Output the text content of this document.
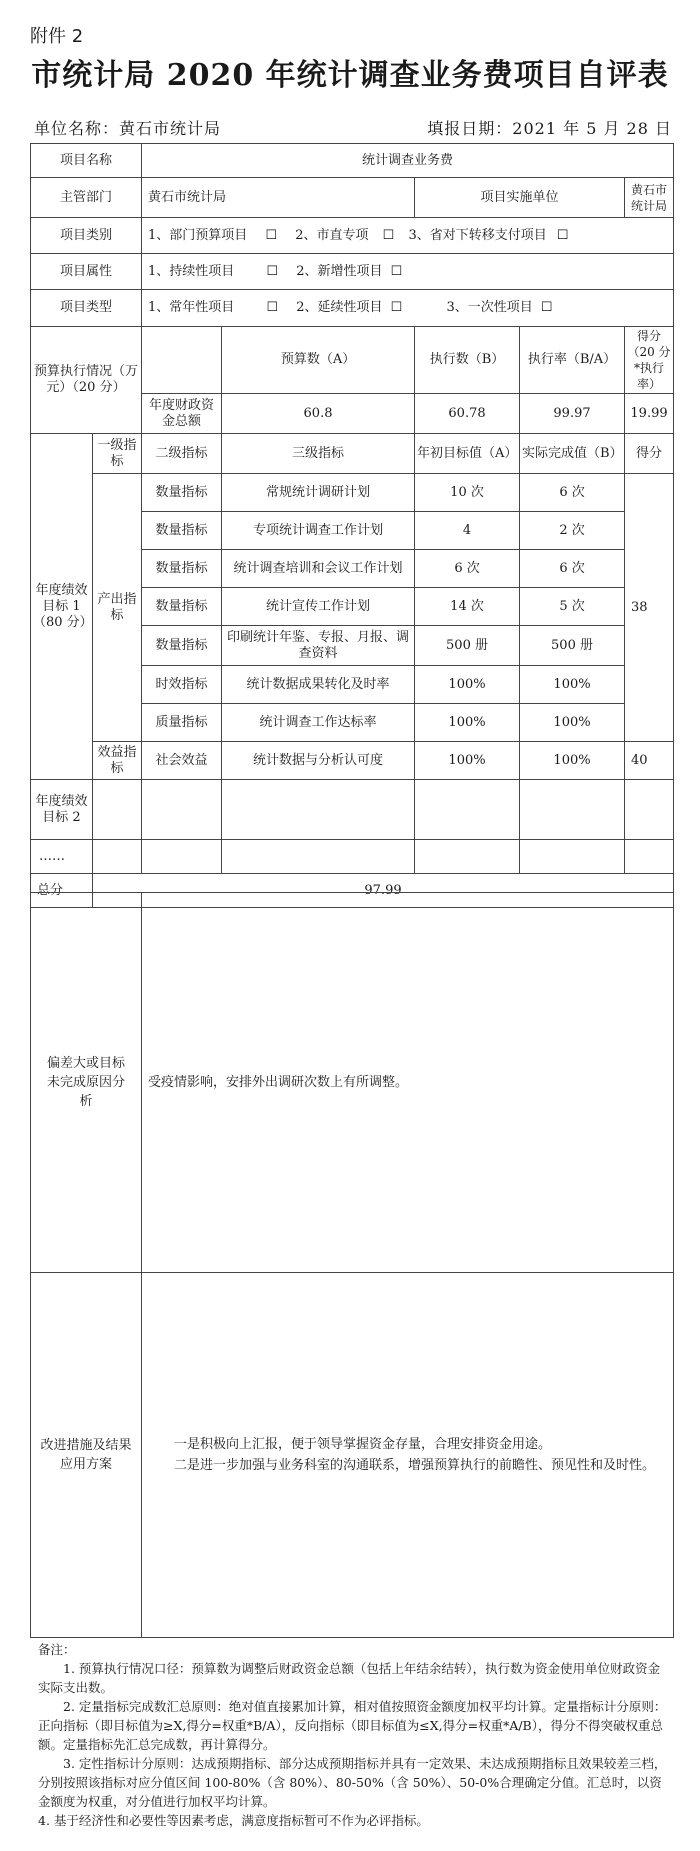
附件 2
市统计局 2020 年统计调查业务费项目自评表
单位名称：黄石市统计局	填报日期：2021 年 5 月 28 日
项目名称		统计调查业务费				
主管部门		黄石市统计局		项目实施单位		黄石市统计局
项目类别		1、部门预算项目 ☐ 2、市直专项 ☐ 3、省对下转移支付项目 ☐				
项目属性		1、持续性项目 ☐ 2、新增性项目 ☐				
项目类型		1、常年性项目 ☐ 2、延续性项目 ☐ 3、一次性项目 ☐				
预算执行情况（万元）（20 分）			预算数（A）	执行数（B）	执行率（B/A）	得分（20 分*执行率）
		年度财政资金总额	60.8	60.78	99.97	19.99
年度绩效目标 1（80 分）	一级指标	二级指标	三级指标	年初目标值（A）	实际完成值（B）	得分
	产出指标	数量指标	常规统计调研计划	10 次	6 次	38
		数量指标	专项统计调查工作计划	4	2 次	
		数量指标	统计调查培训和会议工作计划	6 次	6 次	
		数量指标	统计宣传工作计划	14 次	5 次	
		数量指标	印刷统计年鉴、专报、月报、调查资料	500 册	500 册	
		时效指标	统计数据成果转化及时率	100%	100%	
		质量指标	统计调查工作达标率	100%	100%	
	效益指标	社会效益	统计数据与分析认可度	100%	100%	40
年度绩效目标 2						
……						
总分	97.99					
偏差大或目标未完成原因分析	受疫情影响，安排外出调研次数上有所调整。
改进措施及结果应用方案	一是积极向上汇报，便于领导掌握资金存量，合理安排资金用途。
二是进一步加强与业务科室的沟通联系，增强预算执行的前瞻性、预见性和及时性。

备注：

1. 预算执行情况口径：预算数为调整后财政资金总额（包括上年结余结转），执行数为资金使用单位财政资金实际支出数。

2. 定量指标完成数汇总原则：绝对值直接累加计算，相对值按照资金额度加权平均计算。定量指标计分原则：正向指标（即目标值为≥X,得分=权重*B/A），反向指标（即目标值为≤X,得分=权重*A/B），得分不得突破权重总额。定量指标先汇总完成数，再计算得分。

3. 定性指标计分原则：达成预期指标、部分达成预期指标并具有一定效果、未达成预期指标且效果较差三档，分别按照该指标对应分值区间 100-80%（含 80%）、80-50%（含 50%）、50-0%合理确定分值。汇总时，以资金额度为权重，对分值进行加权平均计算。

4. 基于经济性和必要性等因素考虑，满意度指标暂可不作为必评指标。
